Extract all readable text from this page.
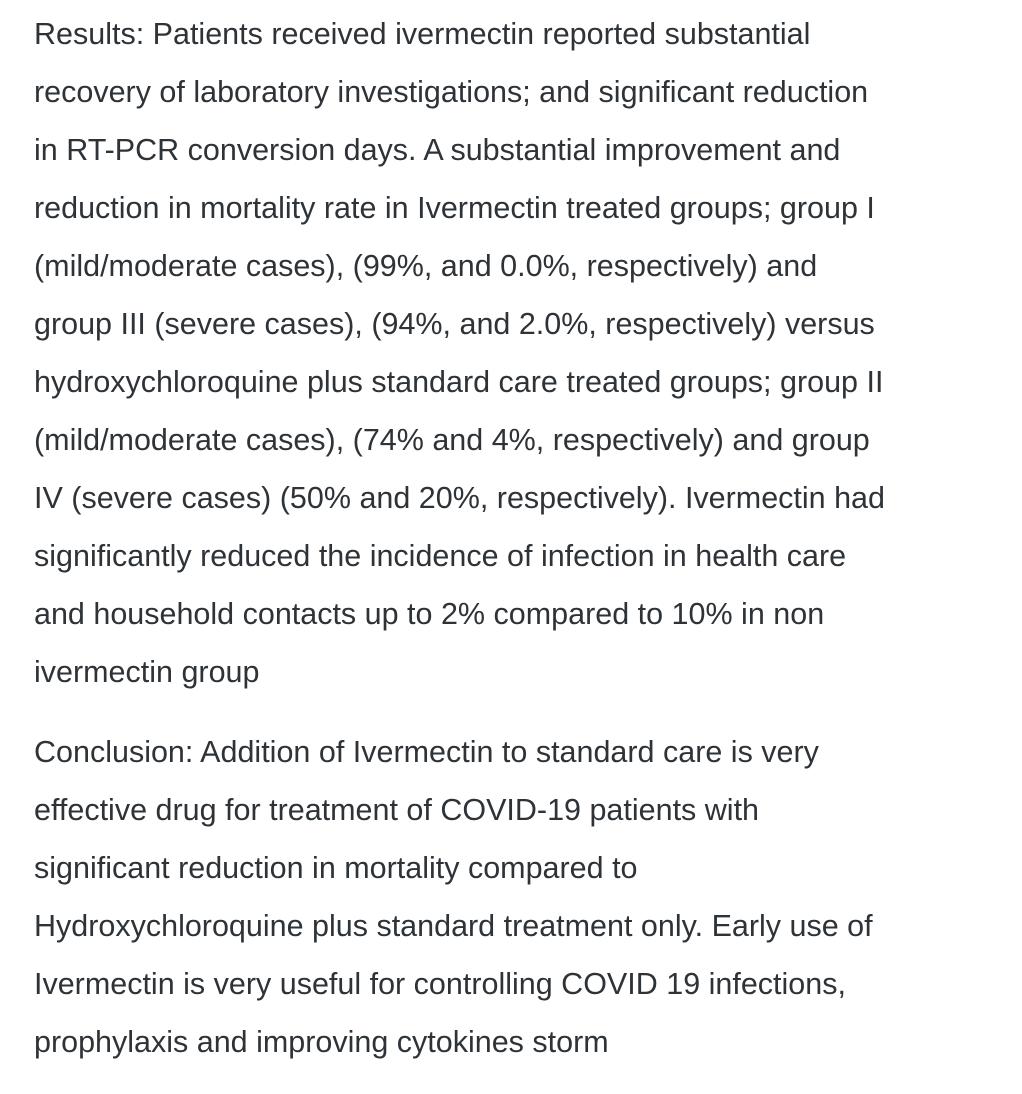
Results: Patients received ivermectin reported substantial
recovery of laboratory investigations; and significant reduction
in RT-PCR conversion days. A substantial improvement and
reduction in mortality rate in Ivermectin treated groups; group I
(mild/moderate cases), (99%, and 0.0%, respectively) and
group III (severe cases), (94%, and 2.0%, respectively) versus
hydroxychloroquine plus standard care treated groups; group II
(mild/moderate cases), (74% and 4%, respectively) and group
IV (severe cases) (50% and 20%, respectively). Ivermectin had
significantly reduced the incidence of infection in health care
and household contacts up to 2% compared to 10% in non
ivermectin group
Conclusion: Addition of Ivermectin to standard care is very
effective drug for treatment of COVID-19 patients with
significant reduction in mortality compared to
Hydroxychloroquine plus standard treatment only. Early use of
Ivermectin is very useful for controlling COVID 19 infections,
prophylaxis and improving cytokines storm
